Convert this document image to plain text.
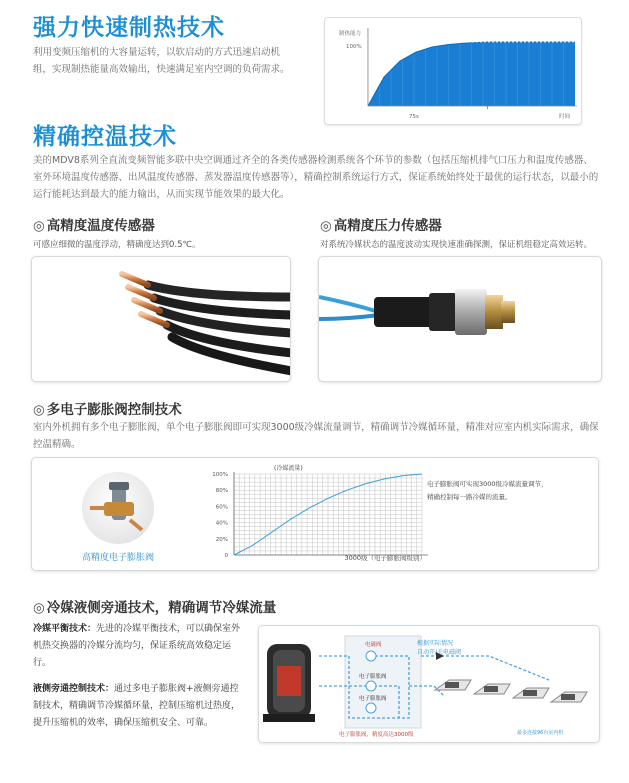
强力快速制热技术
利用变频压缩机的大容量运转，以软启动的方式迅速启动机组，实现制热能量高效输出，快速满足室内空调的负荷需求。
制热能力
100%
75s	时间
精确控温技术
美的MDV8系列全直流变频智能多联中央空调通过齐全的各类传感器检测系统各个环节的参数（包括压缩机排气口压力和温度传感器、室外环境温度传感器、出风温度传感器、蒸发器温度传感器等），精确控制系统运行方式，保证系统始终处于最优的运行状态，以最小的运行能耗达到最大的能力输出，从而实现节能效果的最大化。
◎ 高精度温度传感器
可感应细微的温度浮动，精确度达到0.5℃。
◎ 高精度压力传感器
对系统冷媒状态的温度波动实现快速准确探测，保证机组稳定高效运转。
◎ 多电子膨胀阀控制技术
室内外机拥有多个电子膨胀阀，单个电子膨胀阀即可实现3000级冷媒流量调节，精确调节冷媒循环量，精准对应室内机实际需求，确保控温精确。
高精度电子膨胀阀
(冷媒流量)
3000级（电子膨胀阀级别）
0
20%
40%
60%
80%
100%
电子膨胀阀可实现3000级冷媒流量调节，
精确控制每一路冷媒的流量。
◎ 冷媒液侧旁通技术，精确调节冷媒流量
冷媒平衡技术：先进的冷媒平衡技术，可以确保室外机热交换器的冷媒分流均匀，保证系统高效稳定运行。
液侧旁通控制技术：通过多电子膨胀阀+液侧旁通控制技术，精确调节冷媒循环量，控制压缩机过热度，提升压缩机的效率，确保压缩机安全、可靠。
电磁阀
电子膨胀阀
电子膨胀阀
电子膨胀阀，精度高达3000级
根据实际情况
自动开/关电磁阀
最多连接96台室内机
